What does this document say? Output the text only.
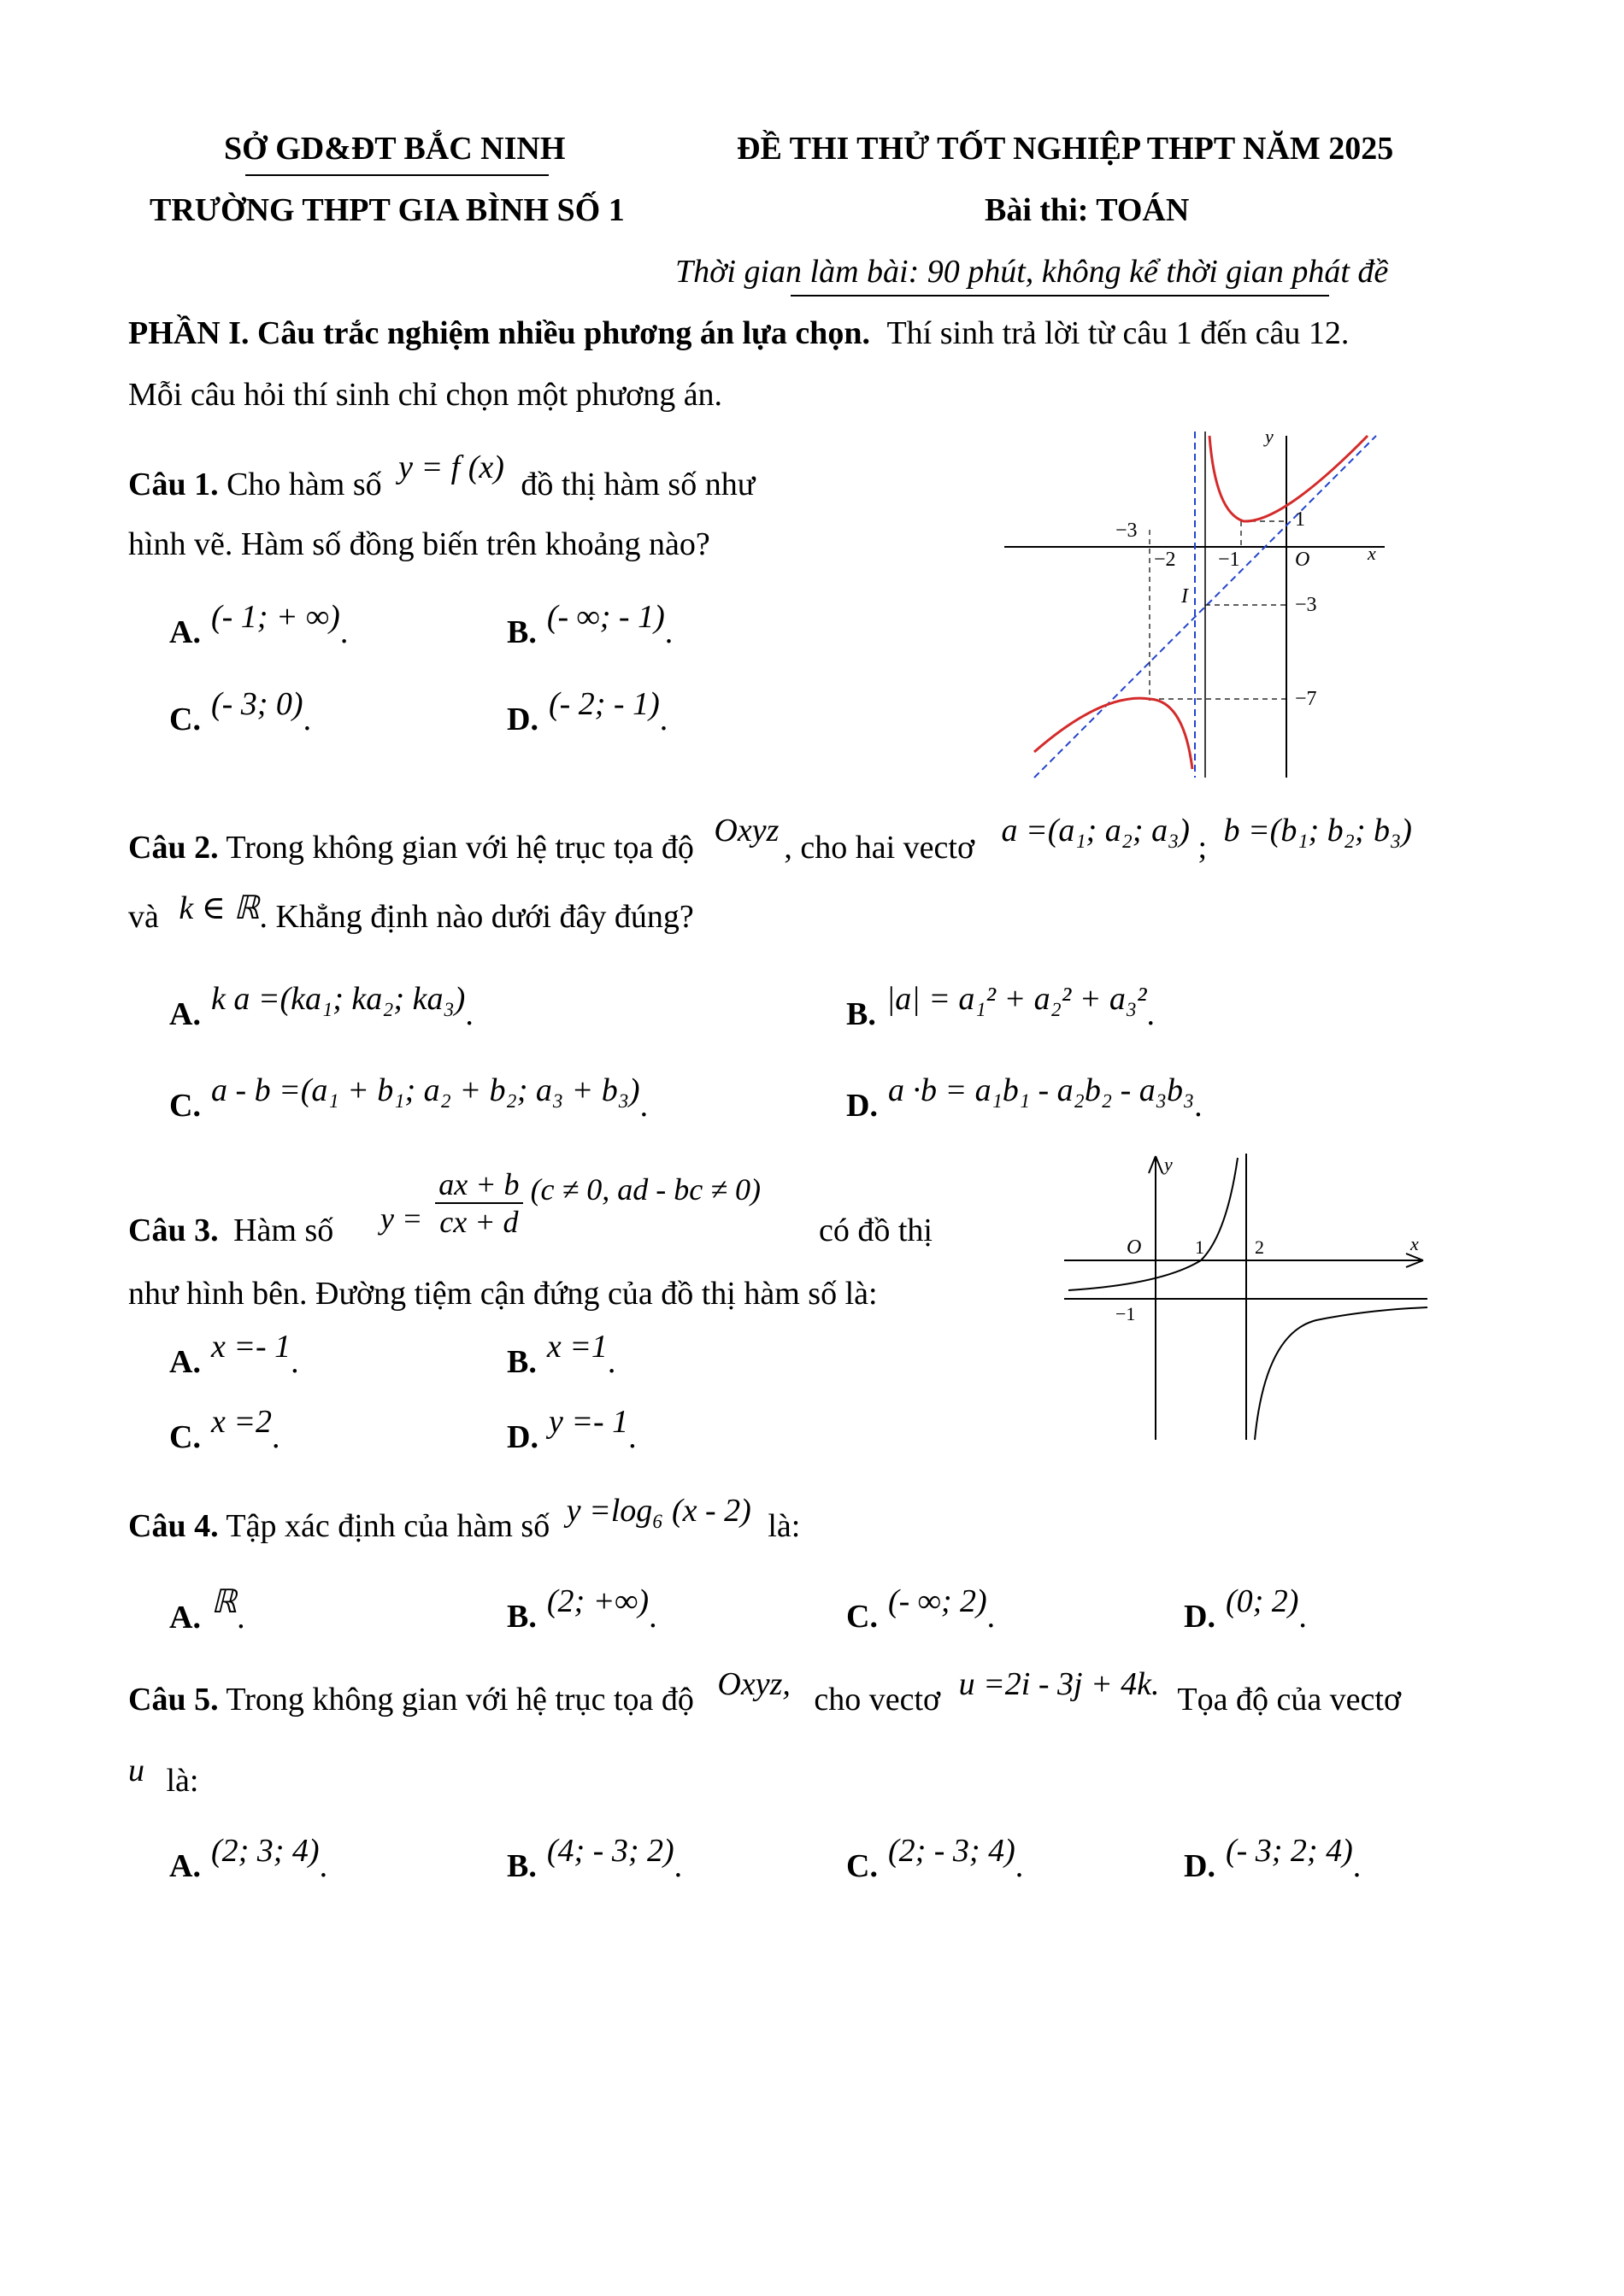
SỞ GD&ĐT BẮC NINH
TRƯỜNG THPT GIA BÌNH SỐ 1
ĐỀ THI THỬ TỐT NGHIỆP THPT NĂM 2025
Bài thi: TOÁN
Thời gian làm bài: 90 phút, không kể thời gian phát đề
PHẦN I. Câu trắc nghiệm nhiều phương án lựa chọn. Thí sinh trả lời từ câu 1 đến câu 12.
Mỗi câu hỏi thí sinh chỉ chọn một phương án.
Câu 1. Cho hàm số y = f (x) đồ thị hàm số như
hình vẽ. Hàm số đồng biến trên khoảng nào?
A. (- 1; + ∞).	B. (- ∞; - 1).
C. (- 3; 0).	D. (- 2; - 1).
y
x
O
−3
−2 −1
1
I	−3
−7
Câu 2. Trong không gian với hệ trục tọa độ Oxyz , cho hai vectơ a =(a₁; a₂; a₃) ; b =(b₁; b₂; b₃)
và k ∈ ℝ. Khẳng định nào dưới đây đúng?
A. k a =(ka₁; ka₂; ka₃).	B. |a| = a₁² + a₂² + a₃².
C. a - b =(a₁ + b₁; a₂ + b₂; a₃ + b₃).	D. a ·b = a₁b₁ - a₂b₂ - a₃b₃.
Câu 3. Hàm số $y = \frac{ax + b}{cx + d} (c \ne 0$, ad - bc ≠ 0)
có đồ thị
như hình bên. Đường tiệm cận đứng của đồ thị hàm số là:
A. x =- 1.	B. x =1.
C. x =2.	D. y =- 1.
y
x
O	1	2
−1
Câu 4. Tập xác định của hàm số y =log₆ (x - 2) là:
A. ℝ.	B. (2; +∞).	C. (- ∞; 2).	D. (0; 2).
Câu 5. Trong không gian với hệ trục tọa độ Oxyz, cho vectơ u =2i - 3j + 4k. Tọa độ của vectơ
u là:
A. (2; 3; 4).	B. (4; - 3; 2).	C. (2; - 3; 4).	D. (- 3; 2; 4).
